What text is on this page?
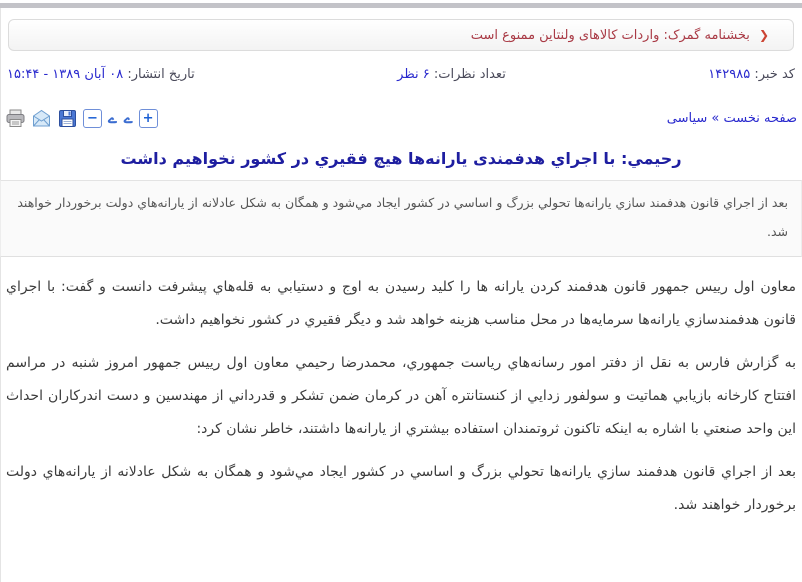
❮
بخشنامه گمرک: واردات کالاهای ولنتاین ممنوع است
کد خبر: ۱۴۲۹۸۵
تعداد نظرات: ۶ نظر
تاریخ انتشار: ۰۸ آبان ۱۳۸۹ - ۱۵:۴۴
صفحه نخست » سیاسی
− ے ے +
رحيمي: با اجراي هدفمندی یارانه‌ها هیچ فقیري در کشور نخواهیم داشت
بعد از اجراي قانون هدفمند سازي یارانه‌ها تحولي بزرگ و اساسي در کشور ایجاد مي‌شود و همگان به شکل عادلانه از یارانه‌هاي دولت برخوردار خواهند شد.

معاون اول رییس جمهور قانون هدفمند کردن یارانه ها را کلید رسیدن به اوج و دستیابي به قله‌هاي پیشرفت دانست و گفت: با اجراي قانون هدفمندسازي یارانه‌ها سرمایه‌ها در محل مناسب هزینه خواهد شد و دیگر فقیري در کشور نخواهیم داشت.

به گزارش فارس به نقل از دفتر امور رسانه‌هاي ریاست جمهوري، محمدرضا رحیمي معاون اول رییس جمهور امروز شنبه در مراسم افتتاح کارخانه بازیابي هماتیت و سولفور زدایي از کنستانتره آهن در کرمان ضمن تشکر و قدرداني از مهندسین و دست اندرکاران احداث این واحد صنعتي با اشاره به اینکه تاکنون ثروتمندان استفاده بیشتري از یارانه‌ها داشتند، خاطر نشان کرد:

بعد از اجراي قانون هدفمند سازي یارانه‌ها تحولي بزرگ و اساسي در کشور ایجاد مي‌شود و همگان به شکل عادلانه از یارانه‌هاي دولت برخوردار خواهند شد.
